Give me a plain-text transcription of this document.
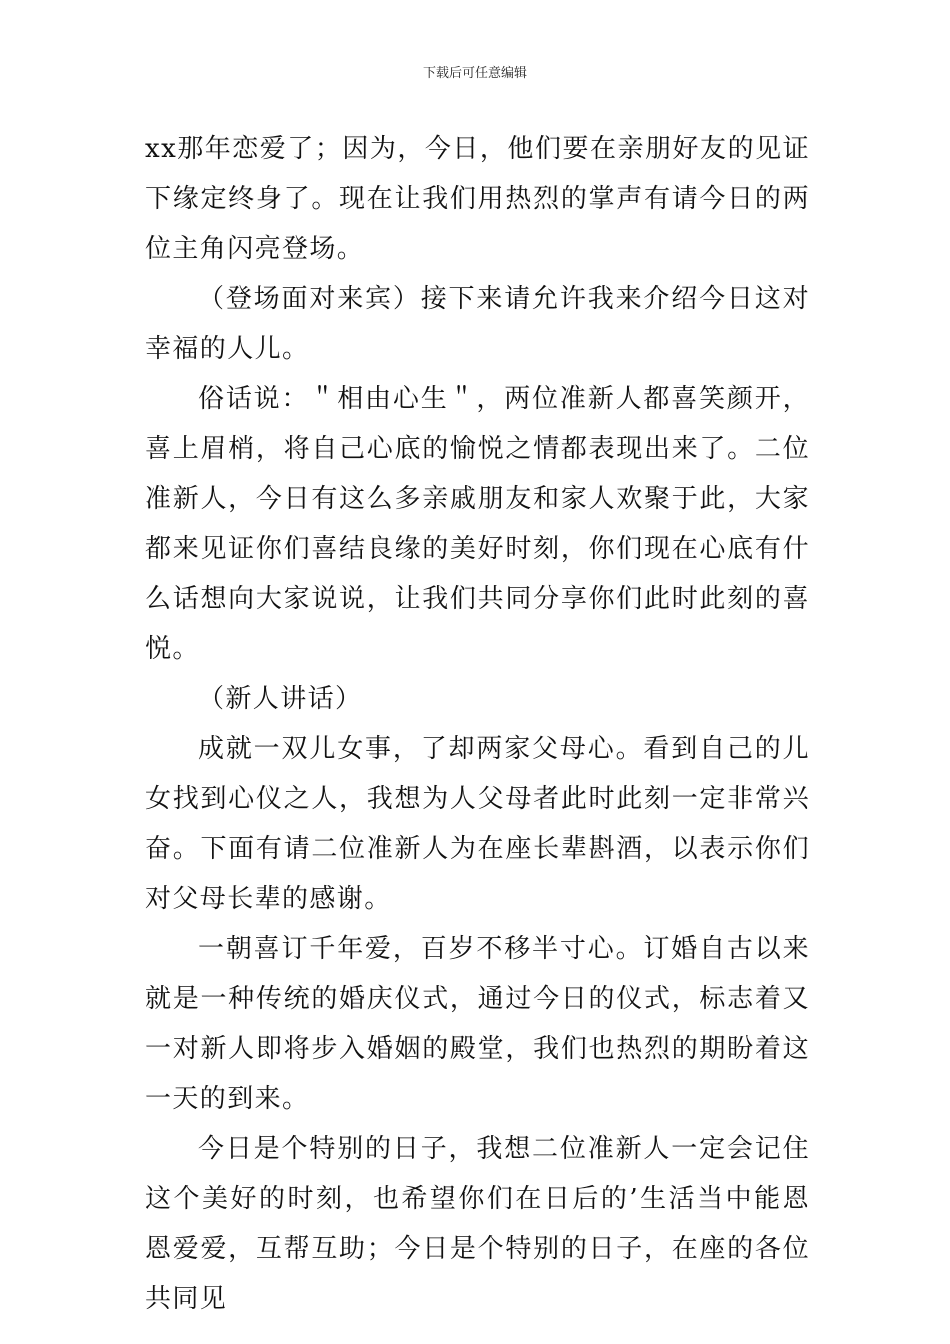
下载后可任意编辑

xx那年恋爱了；因为，今日，他们要在亲朋好友的见证下缘定终身了。现在让我们用热烈的掌声有请今日的两位主角闪亮登场。

（登场面对来宾）接下来请允许我来介绍今日这对幸福的人儿。

俗话说：＂相由心生＂，两位准新人都喜笑颜开，喜上眉梢，将自己心底的愉悦之情都表现出来了。二位准新人，今日有这么多亲戚朋友和家人欢聚于此，大家都来见证你们喜结良缘的美好时刻，你们现在心底有什么话想向大家说说，让我们共同分享你们此时此刻的喜悦。

（新人讲话）

成就一双儿女事，了却两家父母心。看到自己的儿女找到心仪之人，我想为人父母者此时此刻一定非常兴奋。下面有请二位准新人为在座长辈斟酒，以表示你们对父母长辈的感谢。

一朝喜订千年爱，百岁不移半寸心。订婚自古以来就是一种传统的婚庆仪式，通过今日的仪式，标志着又一对新人即将步入婚姻的殿堂，我们也热烈的期盼着这一天的到来。

今日是个特别的日子，我想二位准新人一定会记住这个美好的时刻，也希望你们在日后的’生活当中能恩恩爱爱，互帮互助；今日是个特别的日子，在座的各位共同见
